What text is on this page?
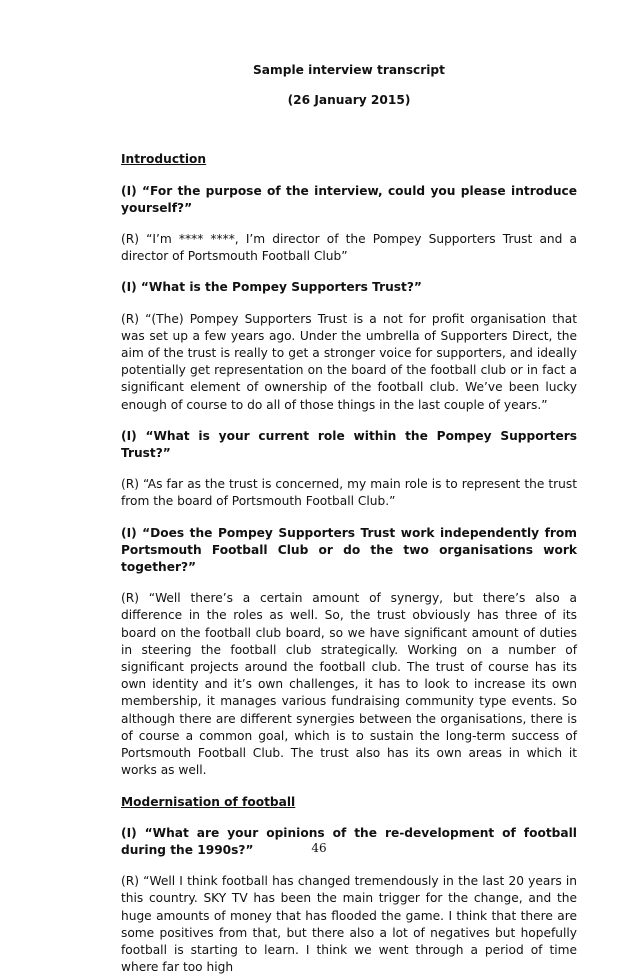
Sample interview transcript

(26 January 2015)

Introduction

(I) “For the purpose of the interview, could you please introduce yourself?”

(R) “I’m **** ****, I’m director of the Pompey Supporters Trust and a director of Portsmouth Football Club”

(I) “What is the Pompey Supporters Trust?”

(R) “(The) Pompey Supporters Trust is a not for profit organisation that was set up a few years ago. Under the umbrella of Supporters Direct, the aim of the trust is really to get a stronger voice for supporters, and ideally potentially get representation on the board of the football club or in fact a significant element of ownership of the football club. We’ve been lucky enough of course to do all of those things in the last couple of years.”

(I) “What is your current role within the Pompey Supporters Trust?”

(R) “As far as the trust is concerned, my main role is to represent the trust from the board of Portsmouth Football Club.”

(I) “Does the Pompey Supporters Trust work independently from Portsmouth Football Club or do the two organisations work together?”

(R) “Well there’s a certain amount of synergy, but there’s also a difference in the roles as well. So, the trust obviously has three of its board on the football club board, so we have significant amount of duties in steering the football club strategically. Working on a number of significant projects around the football club. The trust of course has its own identity and it’s own challenges, it has to look to increase its own membership, it manages various fundraising community type events. So although there are different synergies between the organisations, there is of course a common goal, which is to sustain the long-term success of Portsmouth Football Club. The trust also has its own areas in which it works as well.

Modernisation of football

(I) “What are your opinions of the re-development of football during the 1990s?”

(R) “Well I think football has changed tremendously in the last 20 years in this country. SKY TV has been the main trigger for the change, and the huge amounts of money that has flooded the game. I think that there are some positives from that, but there also a lot of negatives but hopefully football is starting to learn. I think we went through a period of time where far too high

46
